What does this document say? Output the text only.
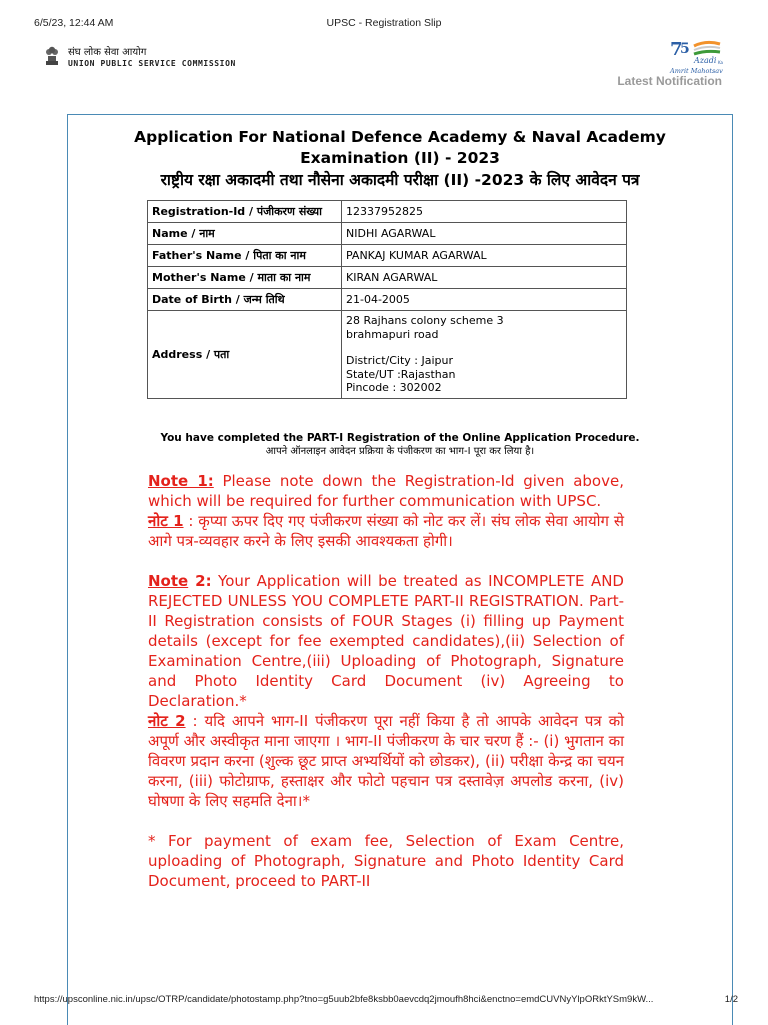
6/5/23, 12:44 AM	UPSC - Registration Slip
संघ लोक सेवा आयोग
UNION PUBLIC SERVICE COMMISSION
7
5
Azadi Ka
Amrit Mahotsav
Latest Notification
Application For National Defence Academy & Naval Academy Examination (II) - 2023
राष्ट्रीय रक्षा अकादमी तथा नौसेना अकादमी परीक्षा (II) -2023 के लिए आवेदन पत्र
Registration-Id / पंजीकरण संख्या	12337952825
Name / नाम	NIDHI AGARWAL
Father's Name / पिता का नाम	PANKAJ KUMAR AGARWAL
Mother's Name / माता का नाम	KIRAN AGARWAL
Date of Birth / जन्म तिथि	21-04-2005
Address / पता	28 Rajhans colony scheme 3
brahmapuri road
District/City : Jaipur
State/UT :Rajasthan
Pincode : 302002
You have completed the PART-I Registration of the Online Application Procedure.
आपने ऑनलाइन आवेदन प्रक्रिया के पंजीकरण का भाग-I पूरा कर लिया है।

Note 1: Please note down the Registration-Id given above, which will be required for further communication with UPSC.

नोट 1 : कृप्या ऊपर दिए गए पंजीकरण संख्या को नोट कर लें। संघ लोक सेवा आयोग से आगे पत्र-व्यवहार करने के लिए इसकी आवश्यकता होगी।

Note 2: Your Application will be treated as INCOMPLETE AND REJECTED UNLESS YOU COMPLETE PART-II REGISTRATION. Part-II Registration consists of FOUR Stages (i) filling up Payment details (except for fee exempted candidates),(ii) Selection of Examination Centre,(iii) Uploading of Photograph, Signature and Photo Identity Card Document (iv) Agreeing to Declaration.*

नोट 2 : यदि आपने भाग-II पंजीकरण पूरा नहीं किया है तो आपके आवेदन पत्र को अपूर्ण और अस्वीकृत माना जाएगा । भाग-II पंजीकरण के चार चरण हैं :- (i) भुगतान का विवरण प्रदान करना (शुल्क छूट प्राप्त अभ्यर्थियों को छोडकर), (ii) परीक्षा केन्द्र का चयन करना, (iii) फोटोग्राफ, हस्ताक्षर और फोटो पहचान पत्र दस्तावेज़ अपलोड करना, (iv) घोषणा के लिए सहमति देना।*

* For payment of exam fee, Selection of Exam Centre, uploading of Photograph, Signature and Photo Identity Card Document, proceed to PART-II

https://upsconline.nic.in/upsc/OTRP/candidate/photostamp.php?tno=g5uub2bfe8ksbb0aevcdq2jmoufh8hci&enctno=emdCUVNyYlpORktYSm9kW...	1/2
